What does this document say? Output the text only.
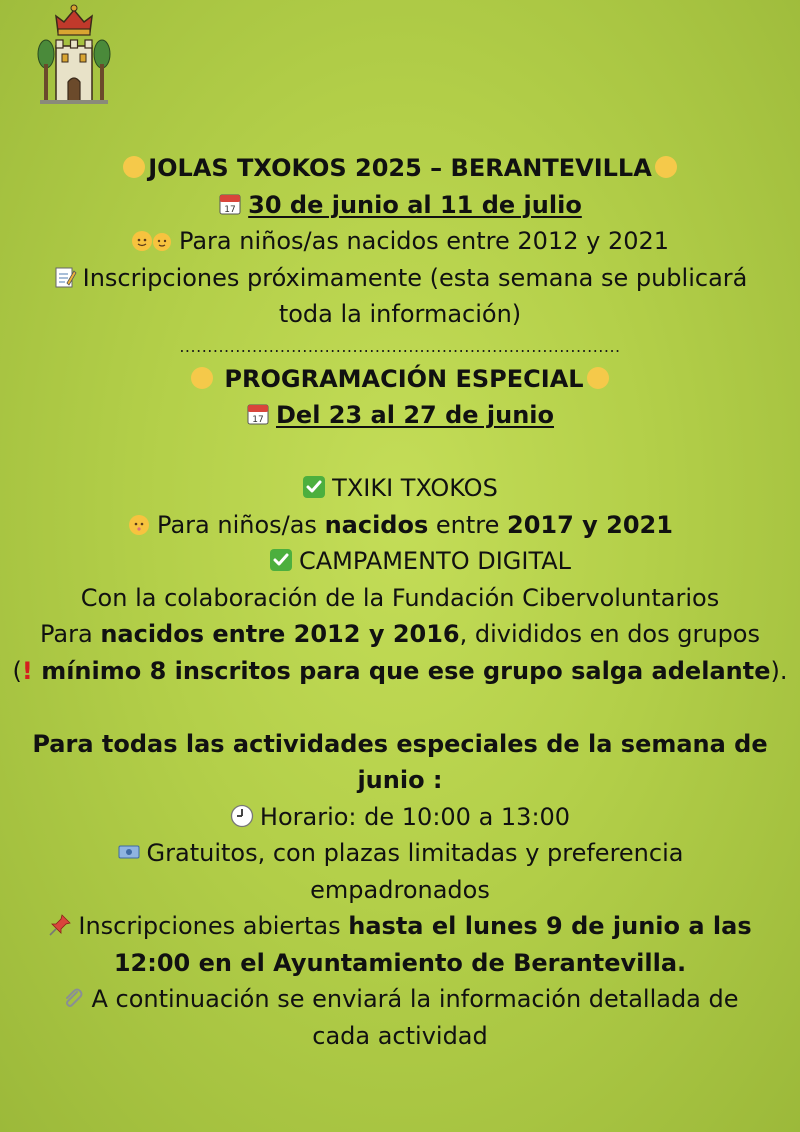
JOLAS TXOKOS 2025 – BERANTEVILLA
17 30 de junio al 11 de julio
Para niños/as nacidos entre 2012 y 2021
Inscripciones próximamente (esta semana se publicará
toda la información)
...............................................................................
PROGRAMACIÓN ESPECIAL
17 Del 23 al 27 de junio
TXIKI TXOKOS
Para niños/as nacidos entre 2017 y 2021
CAMPAMENTO DIGITAL
Con la colaboración de la Fundación Cibervoluntarios
Para nacidos entre 2012 y 2016, divididos en dos grupos
(! mínimo 8 inscritos para que ese grupo salga adelante).
Para todas las actividades especiales de la semana de
junio :
Horario: de 10:00 a 13:00
Gratuitos, con plazas limitadas y preferencia
empadronados
Inscripciones abiertas hasta el lunes 9 de junio a las
12:00 en el Ayuntamiento de Berantevilla.
A continuación se enviará la información detallada de
cada actividad
